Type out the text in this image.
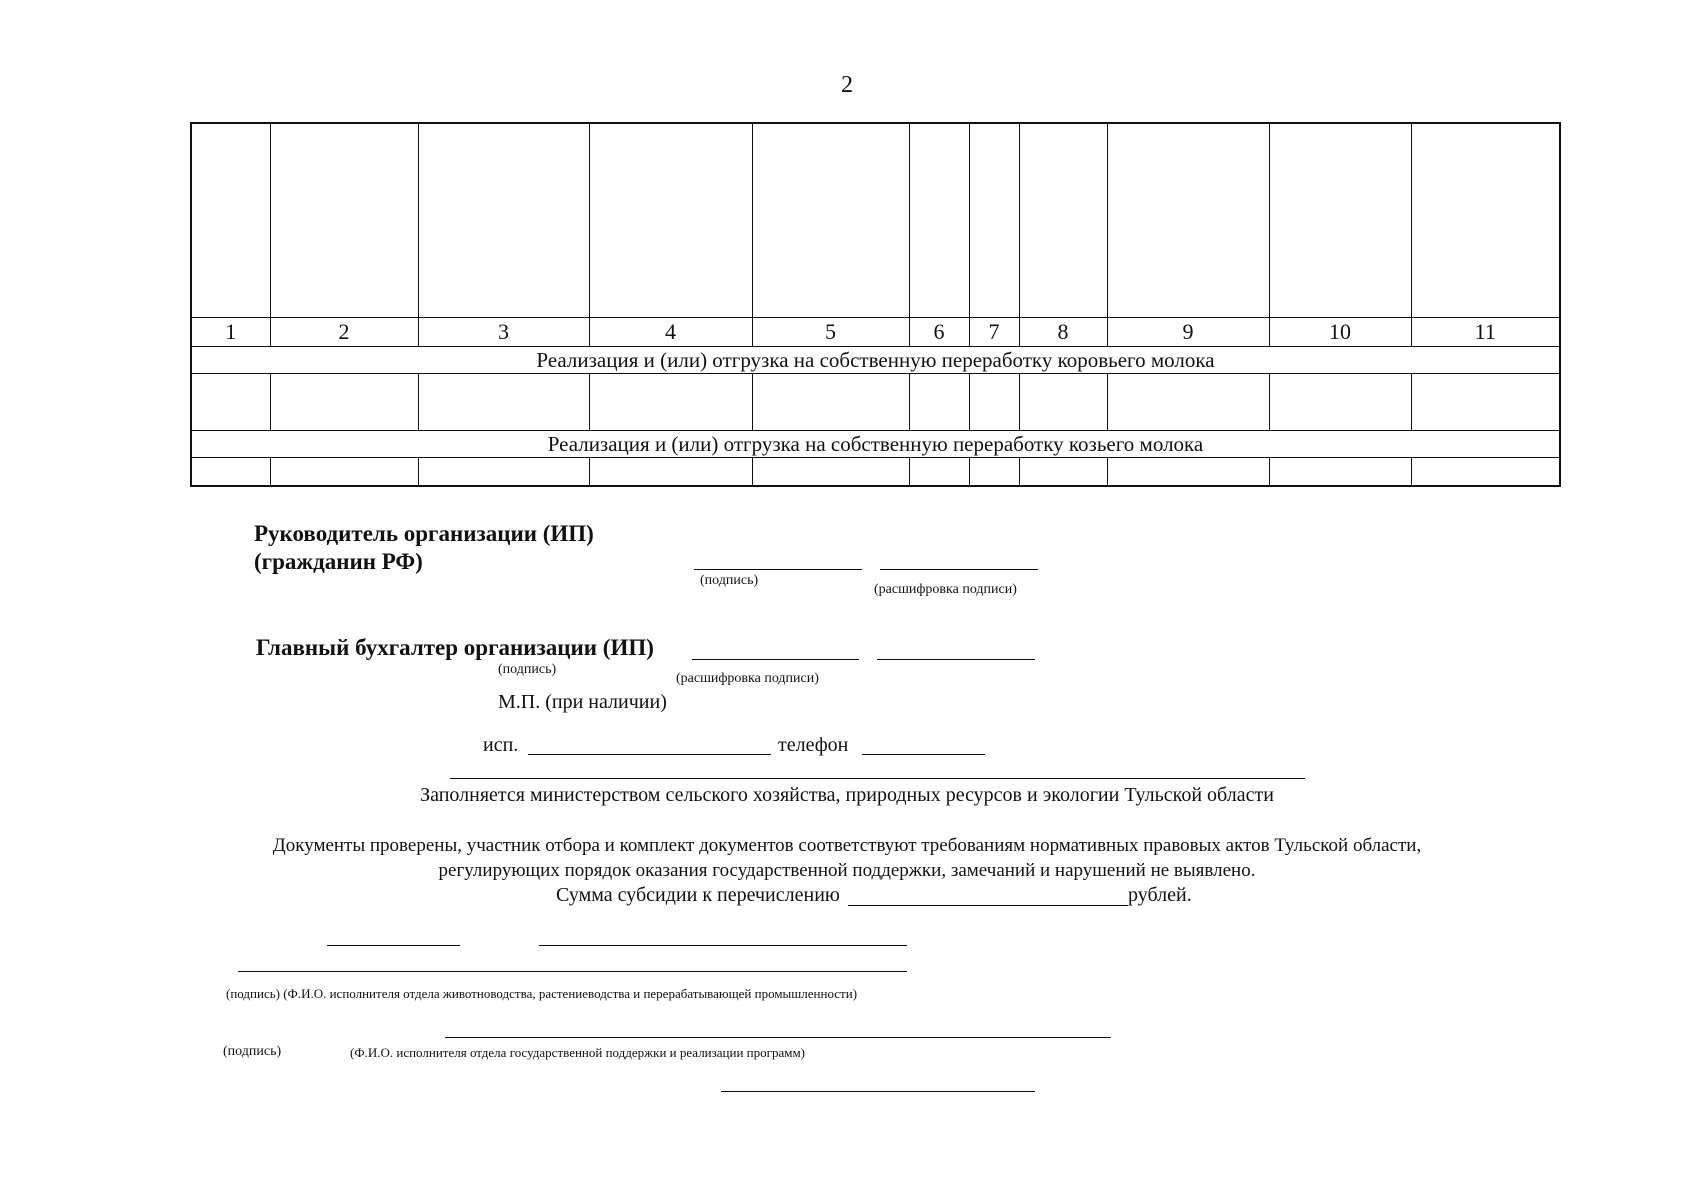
2

1	2	3	4	5	6	7	8	9	10	11
Реализация и (или) отгрузка на собственную переработку коровьего молока										

Реализация и (или) отгрузка на собственную переработку козьего молока										

Руководитель организации (ИП)
(гражданин РФ)
(подпись)
(расшифровка подписи)
Главный бухгалтер организации (ИП)
(подпись)
(расшифровка подписи)
М.П. (при наличии)
исп.	телефон
Заполняется министерством сельского хозяйства, природных ресурсов и экологии Тульской области
Документы проверены, участник отбора и комплект документов соответствуют требованиям нормативных правовых актов Тульской области,
регулирующих порядок оказания государственной поддержки, замечаний и нарушений не выявлено.
Сумма субсидии к перечислению	рублей.
(подпись) (Ф.И.О. исполнителя отдела животноводства, растениеводства и перерабатывающей промышленности)
(подпись)	(Ф.И.О. исполнителя отдела государственной поддержки и реализации программ)
